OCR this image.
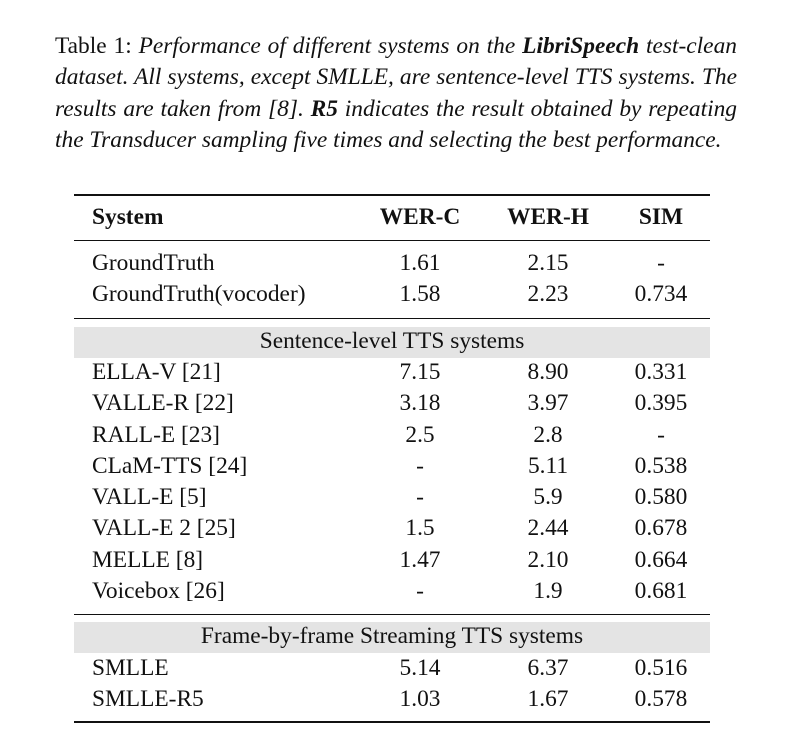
Table 1: Performance of different systems on the LibriSpeech test-clean dataset. All systems, except SMLLE, are sentence-level TTS systems. The results are taken from [8]. R5 indicates the result obtained by repeating the Transducer sampling five times and selecting the best performance.
System	WER-C	WER-H	SIM
GroundTruth	1.61	2.15	-
GroundTruth(vocoder)	1.58	2.23	0.734
Sentence-level TTS systems
ELLA-V [21]	7.15	8.90	0.331
VALLE-R [22]	3.18	3.97	0.395
RALL-E [23]	2.5	2.8	-
CLaM-TTS [24]	-	5.11	0.538
VALL-E [5]	-	5.9	0.580
VALL-E 2 [25]	1.5	2.44	0.678
MELLE [8]	1.47	2.10	0.664
Voicebox [26]	-	1.9	0.681
Frame-by-frame Streaming TTS systems
SMLLE	5.14	6.37	0.516
SMLLE-R5	1.03	1.67	0.578
